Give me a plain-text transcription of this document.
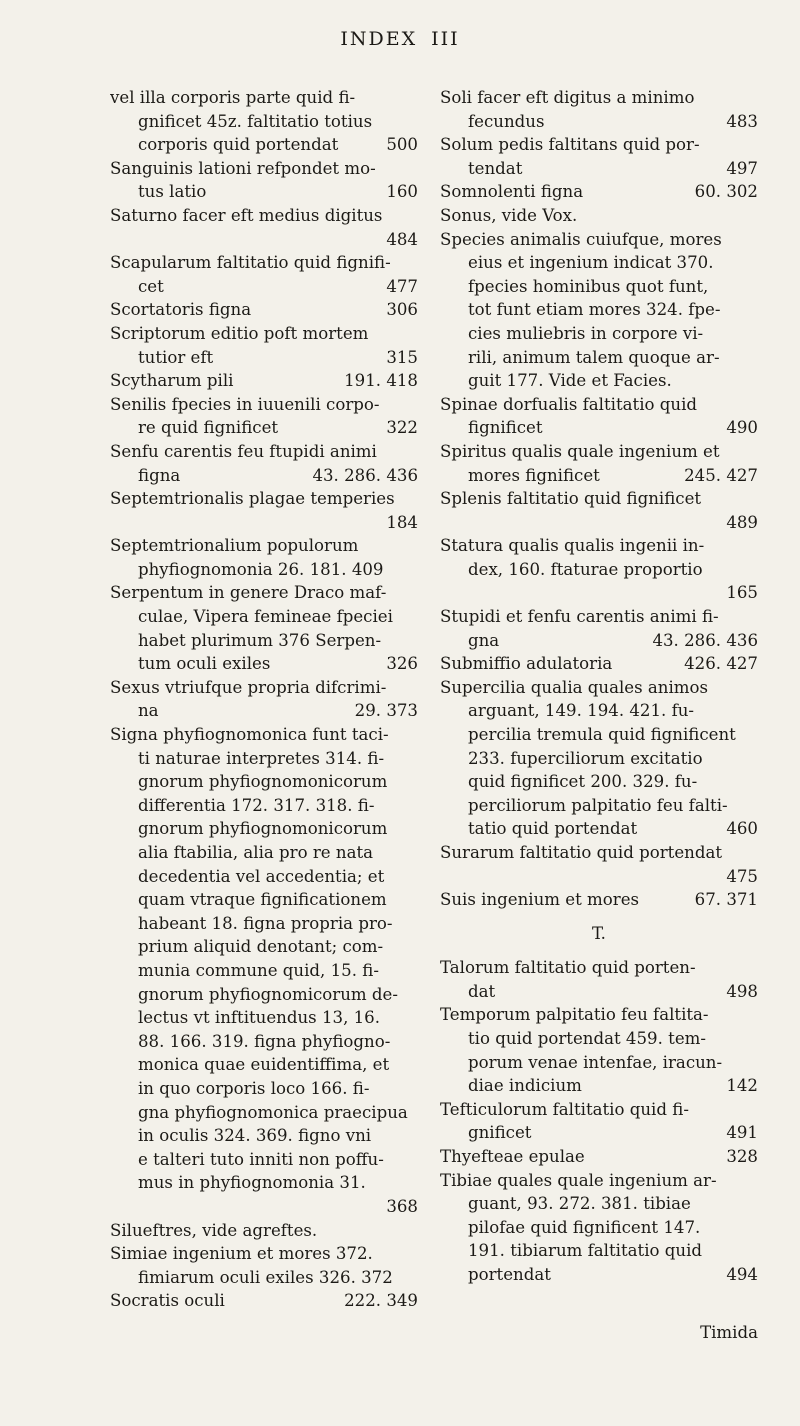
INDEX III
vel illa corporis parte quid fi-
gnificet 45z. faltitatio totius
corporis quid portendat	500
Sanguinis lationi refpondet mo-
tus latio	160
Saturno facer eft medius digitus
484
Scapularum faltitatio quid fignifi-
cet	477
Scortatoris figna	306
Scriptorum editio poft mortem
tutior eft	315
Scytharum pili	191. 418
Senilis fpecies in iuuenili corpo-
re quid fignificet	322
Senfu carentis feu ftupidi animi
figna	43. 286. 436
Septemtrionalis plagae temperies
184
Septemtrionalium populorum
phyfiognomonia 26. 181. 409
Serpentum in genere Draco maf-
culae, Vipera femineae fpeciei
habet plurimum 376 Serpen-
tum oculi exiles	326
Sexus vtriufque propria difcrimi-
na	29. 373
Signa phyfiognomonica funt taci-
ti naturae interpretes 314. fi-
gnorum phyfiognomonicorum
differentia 172. 317. 318. fi-
gnorum phyfiognomonicorum
alia ftabilia, alia pro re nata
decedentia vel accedentia; et
quam vtraque fignificationem
habeant 18. figna propria pro-
prium aliquid denotant; com-
munia commune quid, 15. fi-
gnorum phyfiognomicorum de-
lectus vt inftituendus 13, 16.
88. 166. 319. figna phyfiogno-
monica quae euidentiffima, et
in quo corporis loco 166. fi-
gna phyfiognomonica praecipua
in oculis 324. 369. figno vni
e talteri tuto inniti non poffu-
mus in phyfiognomonia 31.
368
Silueftres, vide agreftes.
Simiae ingenium et mores 372.
fimiarum oculi exiles 326. 372
Socratis oculi	222. 349
Soli facer eft digitus a minimo
fecundus	483
Solum pedis faltitans quid por-
tendat	497
Somnolenti figna	60. 302
Sonus, vide Vox.
Species animalis cuiufque, mores
eius et ingenium indicat 370.
fpecies hominibus quot funt,
tot funt etiam mores 324. fpe-
cies muliebris in corpore vi-
rili, animum talem quoque ar-
guit 177. Vide et Facies.
Spinae dorfualis faltitatio quid
fignificet	490
Spiritus qualis quale ingenium et
mores fignificet	245. 427
Splenis faltitatio quid fignificet
489
Statura qualis qualis ingenii in-
dex, 160. ftaturae proportio
165
Stupidi et fenfu carentis animi fi-
gna	43. 286. 436
Submiffio adulatoria	426. 427
Supercilia qualia quales animos
arguant, 149. 194. 421. fu-
percilia tremula quid fignificent
233. fuperciliorum excitatio
quid fignificet 200. 329. fu-
perciliorum palpitatio feu falti-
tatio quid portendat	460
Surarum faltitatio quid portendat
475
Suis ingenium et mores	67. 371
T.
Talorum faltitatio quid porten-
dat	498
Temporum palpitatio feu faltita-
tio quid portendat 459. tem-
porum venae intenfae, iracun-
diae indicium	142
Tefticulorum faltitatio quid fi-
gnificet	491
Thyefteae epulae	328
Tibiae quales quale ingenium ar-
guant, 93. 272. 381. tibiae
pilofae quid fignificent 147.
191. tibiarum faltitatio quid
portendat	494
Timida
